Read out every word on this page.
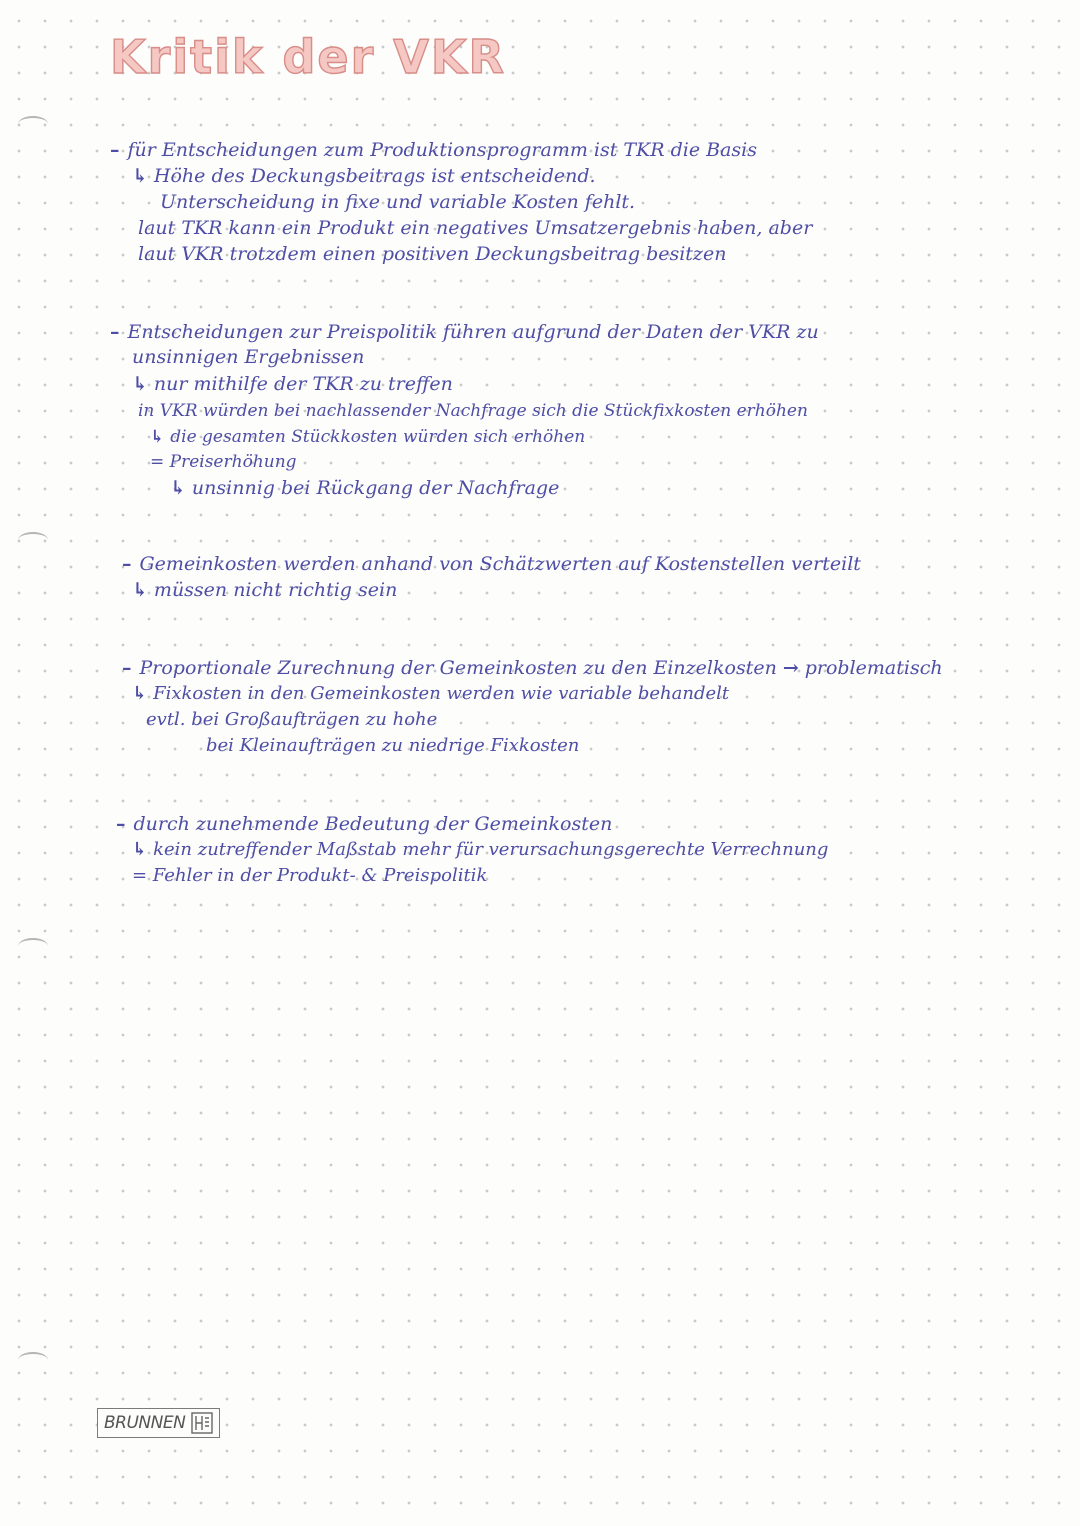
Kritik der VKR
– für Entscheidungen zum Produktionsprogramm ist TKR die Basis
↳ Höhe des Deckungsbeitrags ist entscheidend.
Unterscheidung in fixe und variable Kosten fehlt.
laut TKR kann ein Produkt ein negatives Umsatzergebnis haben, aber
laut VKR trotzdem einen positiven Deckungsbeitrag besitzen
– Entscheidungen zur Preispolitik führen aufgrund der Daten der VKR zu
unsinnigen Ergebnissen
↳ nur mithilfe der TKR zu treffen
in VKR würden bei nachlassender Nachfrage sich die Stückfixkosten erhöhen
↳ die gesamten Stückkosten würden sich erhöhen
= Preiserhöhung
↳ unsinnig bei Rückgang der Nachfrage
– Gemeinkosten werden anhand von Schätzwerten auf Kostenstellen verteilt
↳ müssen nicht richtig sein
– Proportionale Zurechnung der Gemeinkosten zu den Einzelkosten → problematisch
↳ Fixkosten in den Gemeinkosten werden wie variable behandelt
evtl. bei Großaufträgen zu hohe
bei Kleinaufträgen zu niedrige Fixkosten
– durch zunehmende Bedeutung der Gemeinkosten
↳ kein zutreffender Maßstab mehr für verursachungsgerechte Verrechnung
= Fehler in der Produkt- & Preispolitik
BRUNNEN
